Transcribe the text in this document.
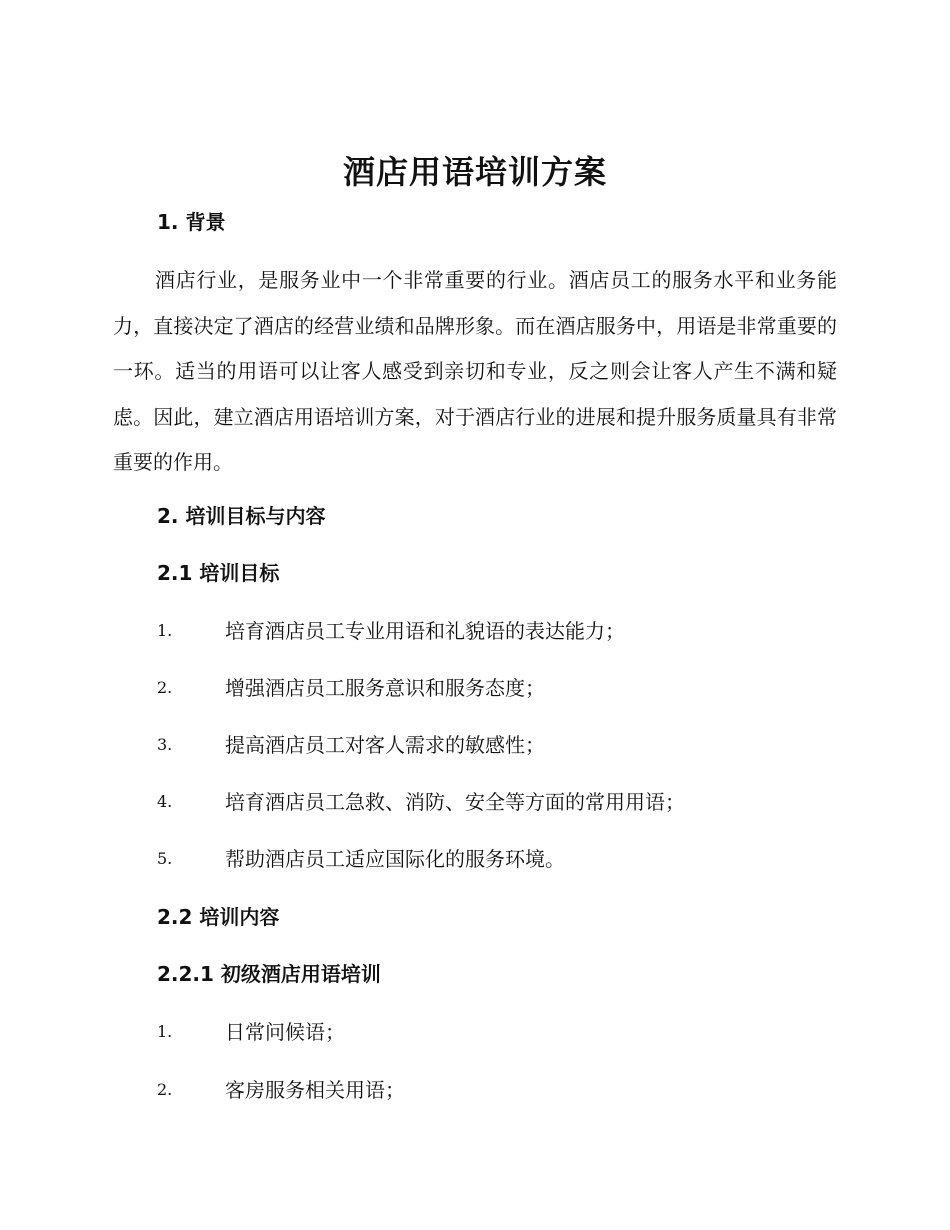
酒店用语培训方案
1. 背景
酒店行业，是服务业中一个非常重要的行业。酒店员工的服务水平和业务能力，直接决定了酒店的经营业绩和品牌形象。而在酒店服务中，用语是非常重要的一环。适当的用语可以让客人感受到亲切和专业，反之则会让客人产生不满和疑虑。因此，建立酒店用语培训方案，对于酒店行业的进展和提升服务质量具有非常重要的作用。
2. 培训目标与内容
2.1 培训目标
1.	培育酒店员工专业用语和礼貌语的表达能力；
2.	增强酒店员工服务意识和服务态度；
3.	提高酒店员工对客人需求的敏感性；
4.	培育酒店员工急救、消防、安全等方面的常用用语；
5.	帮助酒店员工适应国际化的服务环境。
2.2 培训内容
2.2.1 初级酒店用语培训
1.	日常问候语；
2.	客房服务相关用语；
